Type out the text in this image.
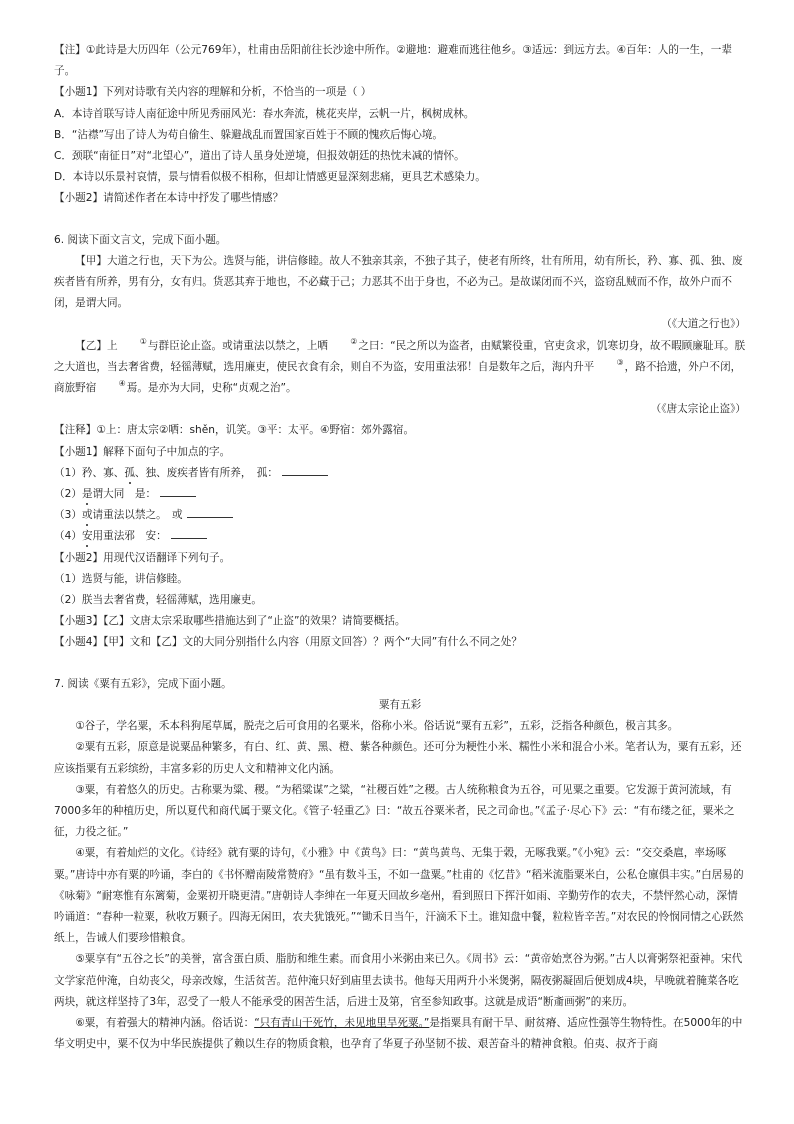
【注】①此诗是大历四年（公元769年），杜甫由岳阳前往长沙途中所作。②避地：避难而逃往他乡。③适远：到远方去。④百年：人的一生，一辈子。

【小题1】下列对诗歌有关内容的理解和分析，不恰当的一项是（ ）

A．本诗首联写诗人南征途中所见秀丽风光：春水奔流，桃花夹岸，云帆一片，枫树成林。

B．“沾襟”写出了诗人为苟自偷生、躲避战乱而置国家百姓于不顾的愧疚后悔心境。

C．颈联“南征日”对“北望心”，道出了诗人虽身处逆境，但报效朝廷的热忱未减的情怀。

D．本诗以乐景衬哀情，景与情看似极不相称，但却让情感更显深刻悲痛，更具艺术感染力。

【小题2】请简述作者在本诗中抒发了哪些情感？

6. 阅读下面文言文，完成下面小题。

【甲】大道之行也，天下为公。选贤与能，讲信修睦。故人不独亲其亲，不独子其子，使老有所终，壮有所用，幼有所长，矜、寡、孤、独、废疾者皆有所养，男有分，女有归。货恶其弃于地也，不必藏于己；力恶其不出于身也，不必为己。是故谋闭而不兴，盗窃乱贼而不作，故外户而不闭，是谓大同。

（《大道之行也》）

【乙】上	①与群臣论止盗。或请重法以禁之，上哂	②之曰：“民之所以为盗者，由赋繁役重，官吏贪求，饥寒切身，故不暇顾廉耻耳。朕之大道也，当去奢省费，轻徭薄赋，选用廉吏，使民衣食有余，则自不为盗，安用重法邪！自是数年之后，海内升平	③，路不拾遗，外户不闭，商旅野宿	④焉。是亦为大同，史称“贞观之治”。

（《唐太宗论止盗》）

【注释】①上：唐太宗②哂：shěn，讥笑。③平：太平。④野宿：郊外露宿。

【小题1】解释下面句子中加点的字。

（1）矜、寡、孤、独、废疾者皆有所养，　孤：

（2）是谓大同　是：

（3）或请重法以禁之。　或

（4）安用重法邪　安：

【小题2】用现代汉语翻译下列句子。

（1）选贤与能，讲信修睦。

（2）朕当去奢省费，轻徭薄赋，选用廉吏。

【小题3】【乙】文唐太宗采取哪些措施达到了“止盗”的效果？请简要概括。

【小题4】【甲】文和【乙】文的大同分别指什么内容（用原文回答）？两个“大同”有什么不同之处？

7. 阅读《粟有五彩》，完成下面小题。

粟有五彩

①谷子，学名粟，禾本科狗尾草属，脱壳之后可食用的名粟米，俗称小米。俗话说“粟有五彩”，五彩，泛指各种颜色，极言其多。

②粟有五彩，原意是说粟品种繁多，有白、红、黄、黑、橙、紫各种颜色。还可分为粳性小米、糯性小米和混合小米。笔者认为，粟有五彩，还应该指粟有五彩缤纷，丰富多彩的历史人文和精神文化内涵。

③粟，有着悠久的历史。古称粟为粱、稷。“为稻粱谋”之粱，“社稷百姓”之稷。古人统称粮食为五谷，可见粟之重要。它发源于黄河流域，有7000多年的种植历史，所以夏代和商代属于粟文化。《管子·轻重乙》曰：“故五谷粟米者，民之司命也。”《孟子·尽心下》云：“有布缕之征，粟米之征，力役之征。”

④粟，有着灿烂的文化。《诗经》就有粟的诗句，《小雅》中《黄鸟》曰：“黄鸟黄鸟、无集于榖，无啄我粟。”《小宛》云：“交交桑扈，率场啄粟。”唐诗中亦有粟的吟诵，李白的《书怀赠南陵常赞府》“虽有数斗玉，不如一盘粟。”杜甫的《忆昔》“稻米流脂粟米白，公私仓廪俱丰实。”白居易的《咏菊》“耐寒惟有东篱菊，金粟初开晓更清。”唐朝诗人李绅在一年夏天回故乡亳州，看到照日下挥汗如雨、辛勤劳作的农夫，不禁怦然心动，深情吟诵道：“春种一粒粟，秋收万颗子。四海无闲田，农夫犹饿死。”“锄禾日当午，汗滴禾下土。谁知盘中餐，粒粒皆辛苦。”对农民的怜悯同情之心跃然纸上，告诫人们要珍惜粮食。

⑤粟享有“五谷之长”的美誉，富含蛋白质、脂肪和维生素。而食用小米粥由来已久。《周书》云：“黄帝始烹谷为粥。”古人以膏粥祭祀蚕神。宋代文学家范仲淹，自幼丧父，母亲改嫁，生活贫苦。范仲淹只好到庙里去读书。他每天用两升小米煲粥，隔夜粥凝固后便划成4块，早晚就着腌菜各吃两块，就这样坚持了3年，忍受了一般人不能承受的困苦生活，后进士及第，官至参知政事。这就是成语“断齑画粥”的来历。

⑥粟，有着强大的精神内涵。俗话说：“只有青山干死竹，未见地里旱死粟。”是指粟具有耐干旱、耐贫瘠、适应性强等生物特性。在5000年的中华文明史中，粟不仅为中华民族提供了赖以生存的物质食粮，也孕育了华夏子孙坚韧不拔、艰苦奋斗的精神食粮。伯夷、叔齐于商
